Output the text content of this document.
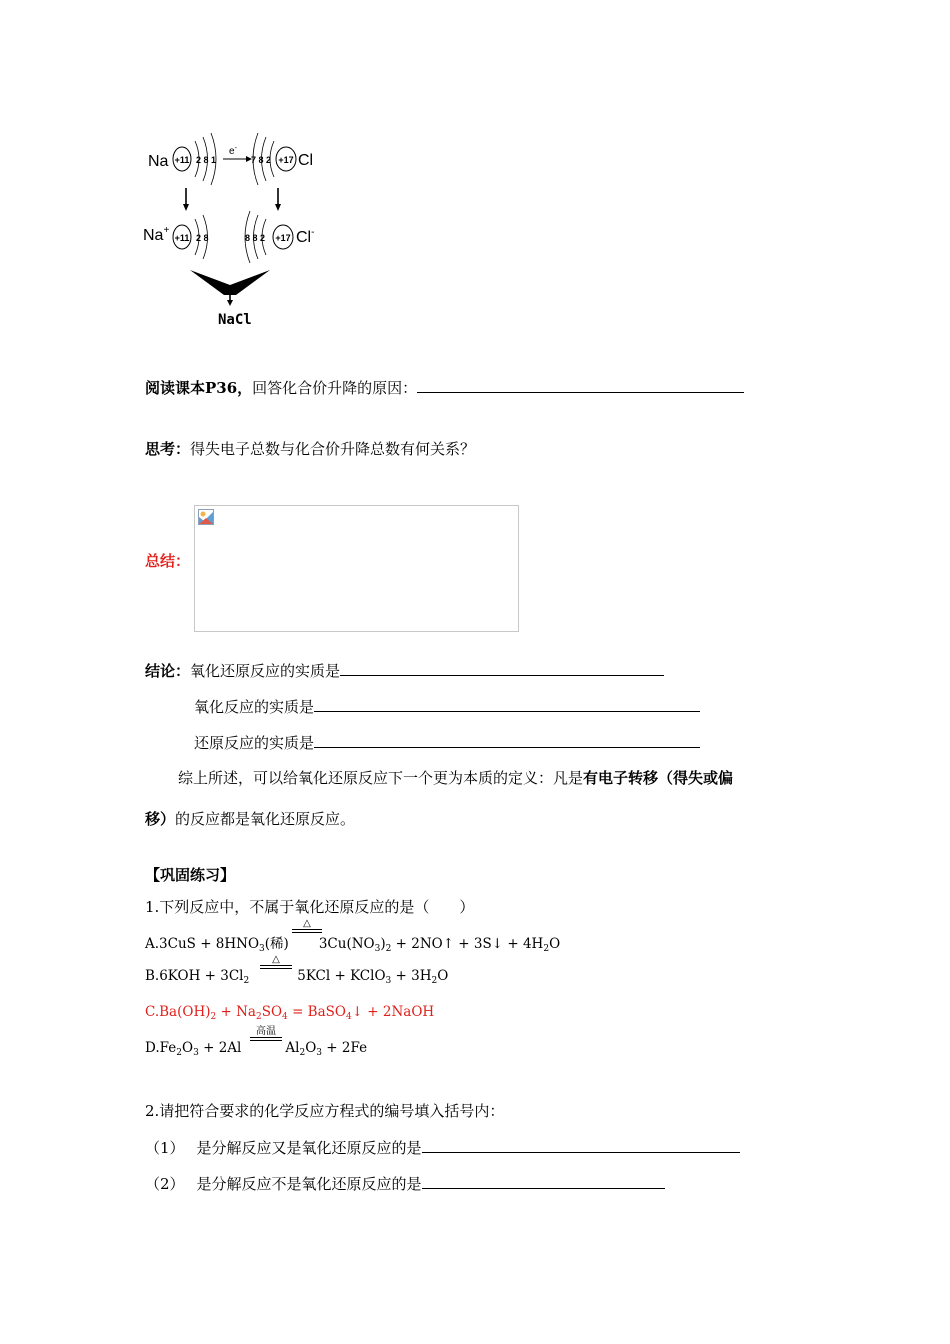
Na +11 2 8 1
e-
7 8 2 +17 Cl
Na+
+11 2 8	8 8 2 +17 Cl-
NaCl
阅读课本P36，回答化合价升降的原因：
思考：得失电子总数与化合价升降总数有何关系？
总结：
结论：氧化还原反应的实质是
氧化反应的实质是
还原反应的实质是
综上所述，可以给氧化还原反应下一个更为本质的定义：凡是有电子转移（得失或偏
移）的反应都是氧化还原反应。
【巩固练习】
1.下列反应中，不属于氧化还原反应的是（　　）
$A.3CuS + 8HNO_3$(稀) $3Cu(NO_3)_2$ + 2NO↑ + 3S↓ + $4H_2O$
△
$B.6KOH + 3Cl_2$	5KCl + KClO$_3$ + $3H_2O$
△
$C.Ba(OH)_2 + Na_2SO_4$ = BaSO$_4$↓ + 2NaOH
$D.Fe_2O_3 + 2Al$	$Al_2O_3 + 2Fe$
高温
2.请把符合要求的化学反应方程式的编号填入括号内：
（1） 是分解反应又是氧化还原反应的是
（2） 是分解反应不是氧化还原反应的是
